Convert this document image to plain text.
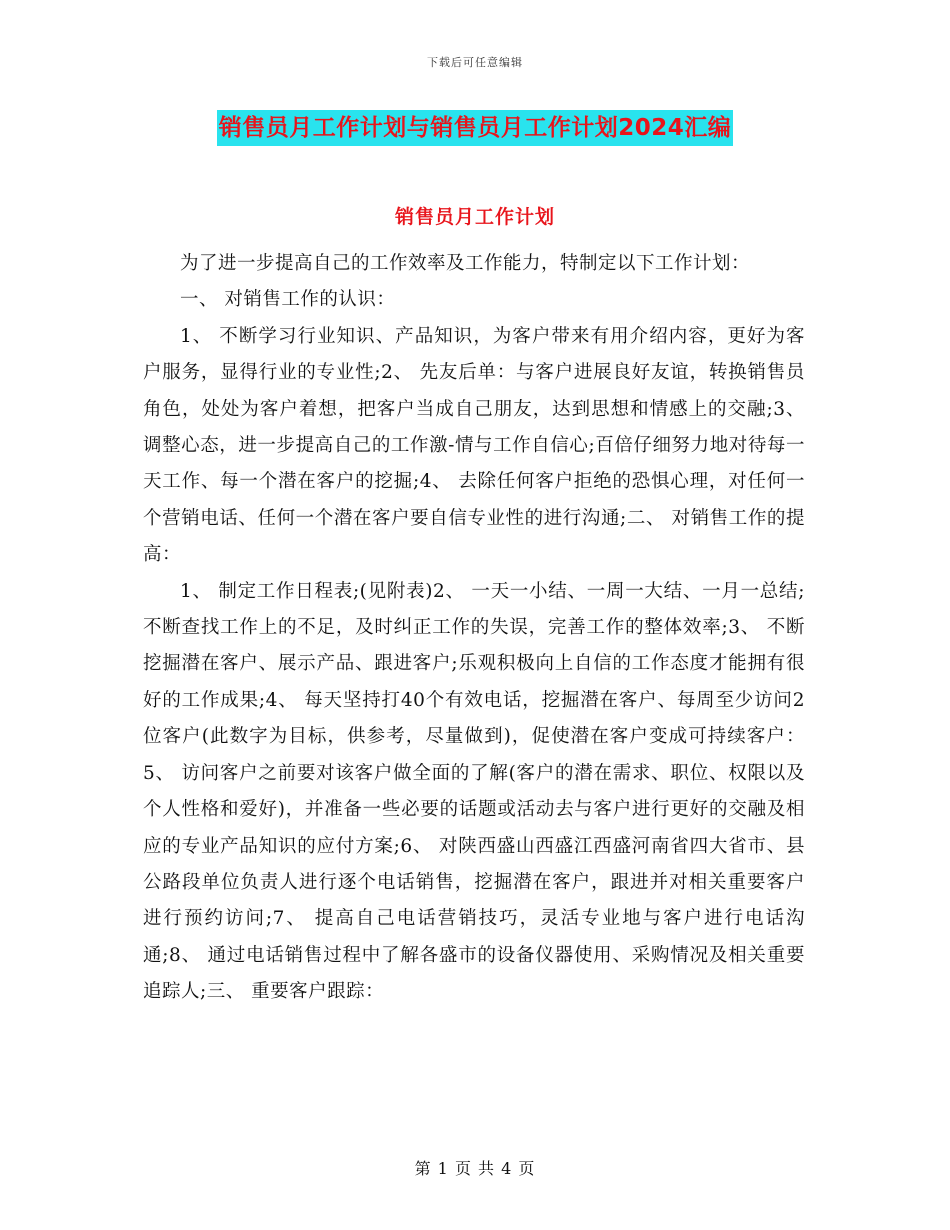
下载后可任意编辑
销售员月工作计划与销售员月工作计划2024汇编
销售员月工作计划

为了进一步提高自己的工作效率及工作能力，特制定以下工作计划：

一、 对销售工作的认识：

1、 不断学习行业知识、产品知识，为客户带来有用介绍内容，更好为客户服务，显得行业的专业性;2、 先友后单：与客户进展良好友谊，转换销售员角色，处处为客户着想，把客户当成自己朋友，达到思想和情感上的交融;3、 调整心态，进一步提高自己的工作激-情与工作自信心;百倍仔细努力地对待每一天工作、每一个潜在客户的挖掘;4、 去除任何客户拒绝的恐惧心理，对任何一个营销电话、任何一个潜在客户要自信专业性的进行沟通;二、 对销售工作的提高：

1、 制定工作日程表;(见附表)2、 一天一小结、一周一大结、一月一总结;不断查找工作上的不足，及时纠正工作的失误，完善工作的整体效率;3、 不断挖掘潜在客户、展示产品、跟进客户;乐观积极向上自信的工作态度才能拥有很好的工作成果;4、 每天坚持打40个有效电话，挖掘潜在客户、每周至少访问2位客户(此数字为目标，供参考，尽量做到)，促使潜在客户变成可持续客户：5、 访问客户之前要对该客户做全面的了解(客户的潜在需求、职位、权限以及个人性格和爱好)，并准备一些必要的话题或活动去与客户进行更好的交融及相应的专业产品知识的应付方案;6、 对陕西盛山西盛江西盛河南省四大省市、县公路段单位负责人进行逐个电话销售，挖掘潜在客户，跟进并对相关重要客户进行预约访问;7、 提高自己电话营销技巧，灵活专业地与客户进行电话沟通;8、 通过电话销售过程中了解各盛市的设备仪器使用、采购情况及相关重要追踪人;三、 重要客户跟踪：

第 1 页 共 4 页
